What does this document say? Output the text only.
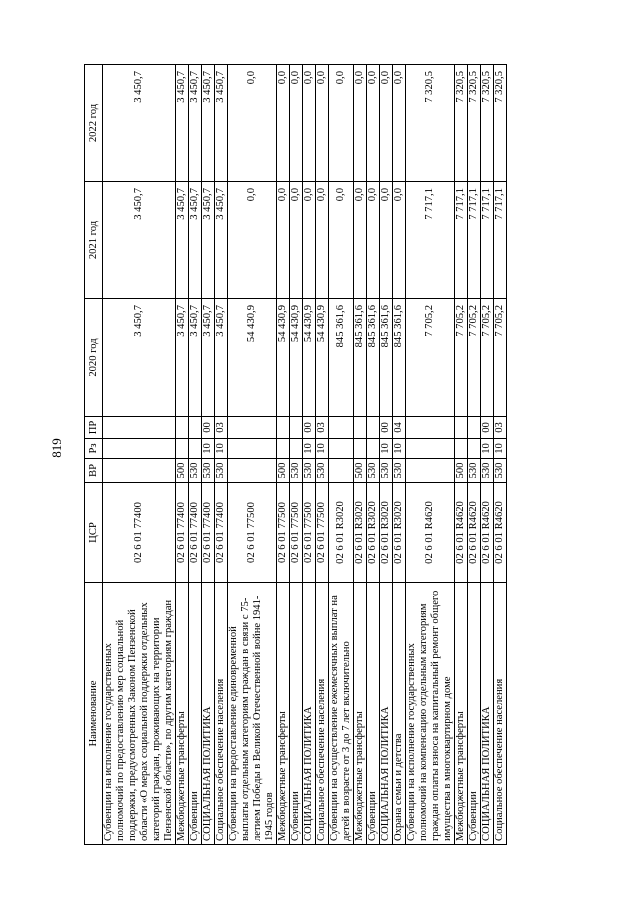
819
Наименование	ЦСР	ВР	Рз	ПР	2020 год	2021 год	2022 год
Субвенции на исполнение государственных полномочий по предоставлению мер социальной поддержки, предусмотренных Законом Пензенской области «О мерах социальной поддержки отдельных категорий граждан, проживающих на территории Пензенской области», по другим категориям граждан	02 6 01 77400				3 450,7	3 450,7	3 450,7
Межбюджетные трансферты	02 6 01 77400	500			3 450,7	3 450,7	3 450,7
Субвенции	02 6 01 77400	530			3 450,7	3 450,7	3 450,7
СОЦИАЛЬНАЯ ПОЛИТИКА	02 6 01 77400	530	10	00	3 450,7	3 450,7	3 450,7
Социальное обеспечение населения	02 6 01 77400	530	10	03	3 450,7	3 450,7	3 450,7
Субвенции на предоставление единовременной выплаты отдельным категориям граждан в связи с 75-летием Победы в Великой Отечественной войне 1941-1945 годов	02 6 01 77500				54 430,9	0,0	0,0
Межбюджетные трансферты	02 6 01 77500	500			54 430,9	0,0	0,0
Субвенции	02 6 01 77500	530			54 430,9	0,0	0,0
СОЦИАЛЬНАЯ ПОЛИТИКА	02 6 01 77500	530	10	00	54 430,9	0,0	0,0
Социальное обеспечение населения	02 6 01 77500	530	10	03	54 430,9	0,0	0,0
Субвенции на осуществление ежемесячных выплат на детей в возрасте от 3 до 7 лет включительно	02 6 01 R3020				845 361,6	0,0	0,0
Межбюджетные трансферты	02 6 01 R3020	500			845 361,6	0,0	0,0
Субвенции	02 6 01 R3020	530			845 361,6	0,0	0,0
СОЦИАЛЬНАЯ ПОЛИТИКА	02 6 01 R3020	530	10	00	845 361,6	0,0	0,0
Охрана семьи и детства	02 6 01 R3020	530	10	04	845 361,6	0,0	0,0
Субвенции на исполнение государственных полномочий на компенсацию отдельным категориям граждан оплаты взноса на капитальный ремонт общего имущества в многоквартирном доме	02 6 01 R4620				7 705,2	7 717,1	7 320,5
Межбюджетные трансферты	02 6 01 R4620	500			7 705,2	7 717,1	7 320,5
Субвенции	02 6 01 R4620	530			7 705,2	7 717,1	7 320,5
СОЦИАЛЬНАЯ ПОЛИТИКА	02 6 01 R4620	530	10	00	7 705,2	7 717,1	7 320,5
Социальное обеспечение населения	02 6 01 R4620	530	10	03	7 705,2	7 717,1	7 320,5
